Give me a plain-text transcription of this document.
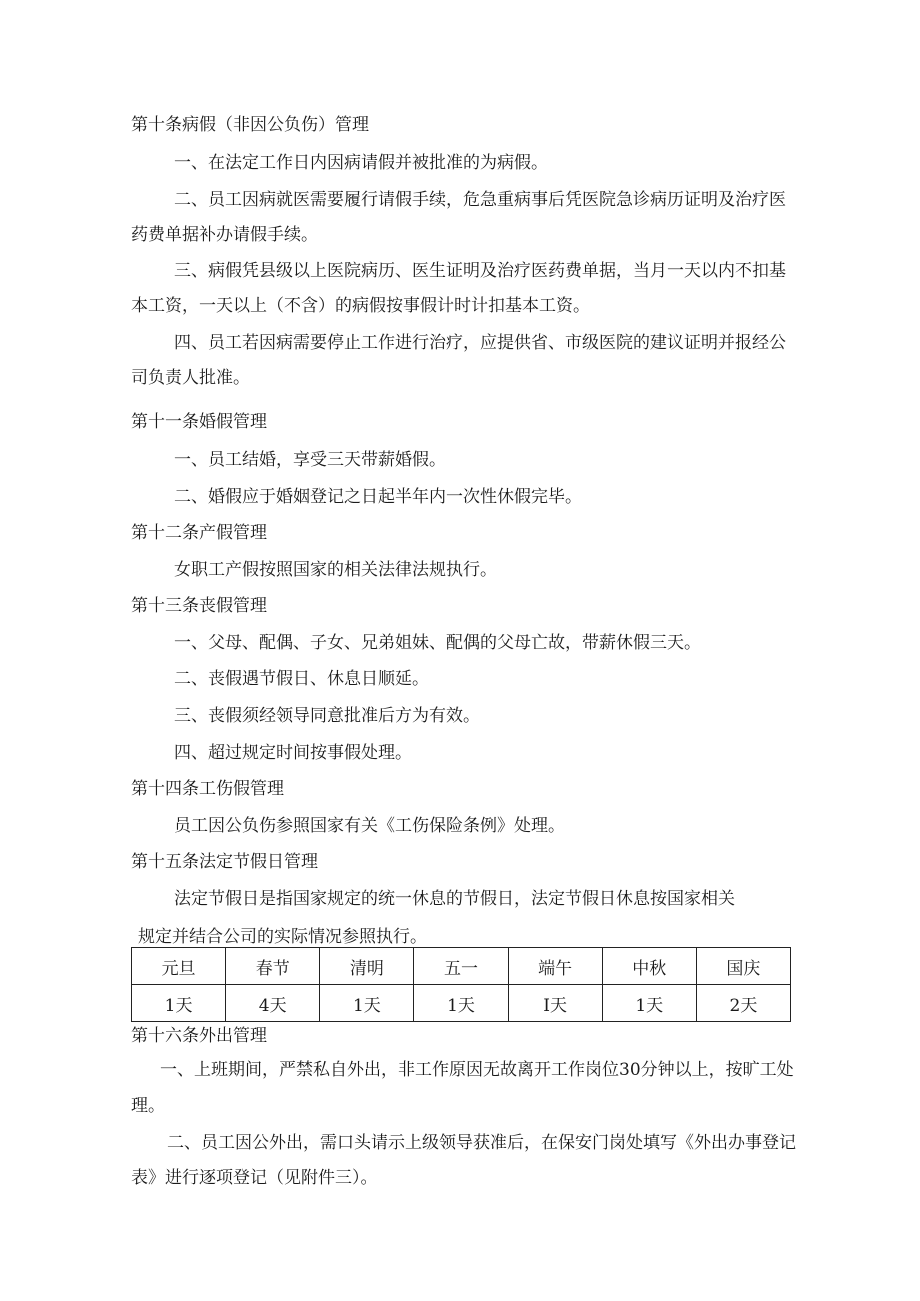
第十条病假（非因公负伤）管理
一、在法定工作日内因病请假并被批准的为病假。
二、员工因病就医需要履行请假手续，危急重病事后凭医院急诊病历证明及治疗医
药费单据补办请假手续。
三、病假凭县级以上医院病历、医生证明及治疗医药费单据，当月一天以内不扣基
本工资，一天以上（不含）的病假按事假计时计扣基本工资。
四、员工若因病需要停止工作进行治疗，应提供省、市级医院的建议证明并报经公
司负责人批准。
第十一条婚假管理
一、员工结婚，享受三天带薪婚假。
二、婚假应于婚姻登记之日起半年内一次性休假完毕。
第十二条产假管理
女职工产假按照国家的相关法律法规执行。
第十三条丧假管理
一、父母、配偶、子女、兄弟姐妹、配偶的父母亡故，带薪休假三天。
二、丧假遇节假日、休息日顺延。
三、丧假须经领导同意批准后方为有效。
四、超过规定时间按事假处理。
第十四条工伤假管理
员工因公负伤参照国家有关《工伤保险条例》处理。
第十五条法定节假日管理
法定节假日是指国家规定的统一休息的节假日，法定节假日休息按国家相关
规定并结合公司的实际情况参照执行。
元旦	春节	清明	五一	端午	中秋	国庆
1天	4天	1天	1天	I天	1天	2天
第十六条外出管理
一、上班期间，严禁私自外出，非工作原因无故离开工作岗位30分钟以上，按旷工处
理。
二、员工因公外出，需口头请示上级领导获准后，在保安门岗处填写《外出办事登记
表》进行逐项登记（见附件三）。
